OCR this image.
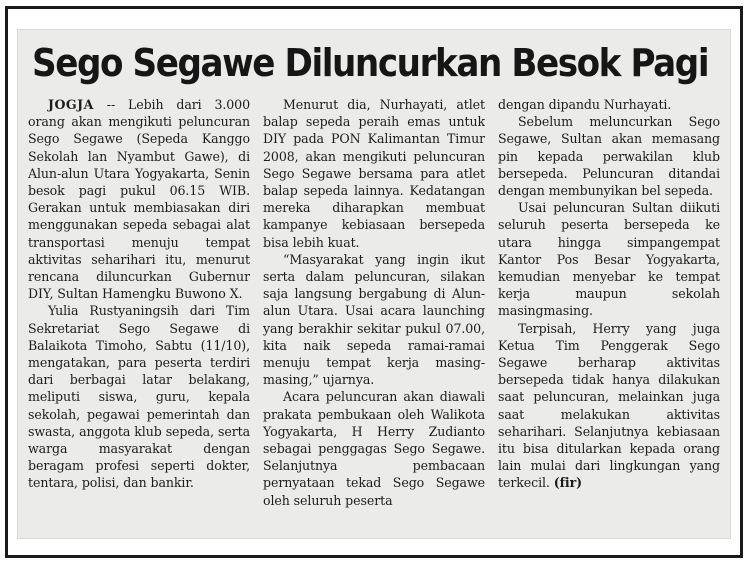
Sego Segawe Diluncurkan Besok Pagi

JOGJA -- Lebih dari 3.000 orang akan mengikuti peluncuran Sego Segawe (Sepeda Kanggo Sekolah lan Nyambut Gawe), di Alun-alun Utara Yogyakarta, Senin besok pagi pukul 06.15 WIB. Gerakan untuk membiasakan diri menggunakan sepeda sebagai alat transportasi menuju tempat aktivitas seharihari itu, menurut rencana diluncurkan Gubernur DIY, Sultan Hamengku Buwono X.

Yulia Rustyaningsih dari Tim Sekretariat Sego Segawe di Balaikota Timoho, Sabtu (11/10), mengatakan, para peserta terdiri dari berbagai latar belakang, meliputi siswa, guru, kepala sekolah, pegawai pemerintah dan swasta, anggota klub sepeda, serta warga masyarakat dengan beragam profesi seperti dokter, tentara, polisi, dan bankir.

Menurut dia, Nurhayati, atlet balap sepeda peraih emas untuk DIY pada PON Kalimantan Timur 2008, akan mengikuti peluncuran Sego Segawe bersama para atlet balap sepeda lainnya. Kedatangan mereka diharapkan membuat kampanye kebiasaan bersepeda bisa lebih kuat.

“Masyarakat yang ingin ikut serta dalam peluncuran, silakan saja langsung bergabung di Alun-alun Utara. Usai acara launching yang berakhir sekitar pukul 07.00, kita naik sepeda ramai-ramai menuju tempat kerja masing-masing,” ujarnya.

Acara peluncuran akan diawali prakata pembukaan oleh Walikota Yogyakarta, H Herry Zudianto sebagai penggagas Sego Segawe. Selanjutnya pembacaan pernyataan tekad Sego Segawe oleh seluruh peserta

dengan dipandu Nurhayati.

Sebelum meluncurkan Sego Segawe, Sultan akan memasang pin kepada perwakilan klub bersepeda. Peluncuran ditandai dengan membunyikan bel sepeda.

Usai peluncuran Sultan diikuti seluruh peserta bersepeda ke utara hingga simpangempat Kantor Pos Besar Yogyakarta, kemudian menyebar ke tempat kerja maupun sekolah masingmasing.

Terpisah, Herry yang juga Ketua Tim Penggerak Sego Segawe berharap aktivitas bersepeda tidak hanya dilakukan saat peluncuran, melainkan juga saat melakukan aktivitas seharihari. Selanjutnya kebiasaan itu bisa ditularkan kepada orang lain mulai dari lingkungan yang terkecil. (fir)
